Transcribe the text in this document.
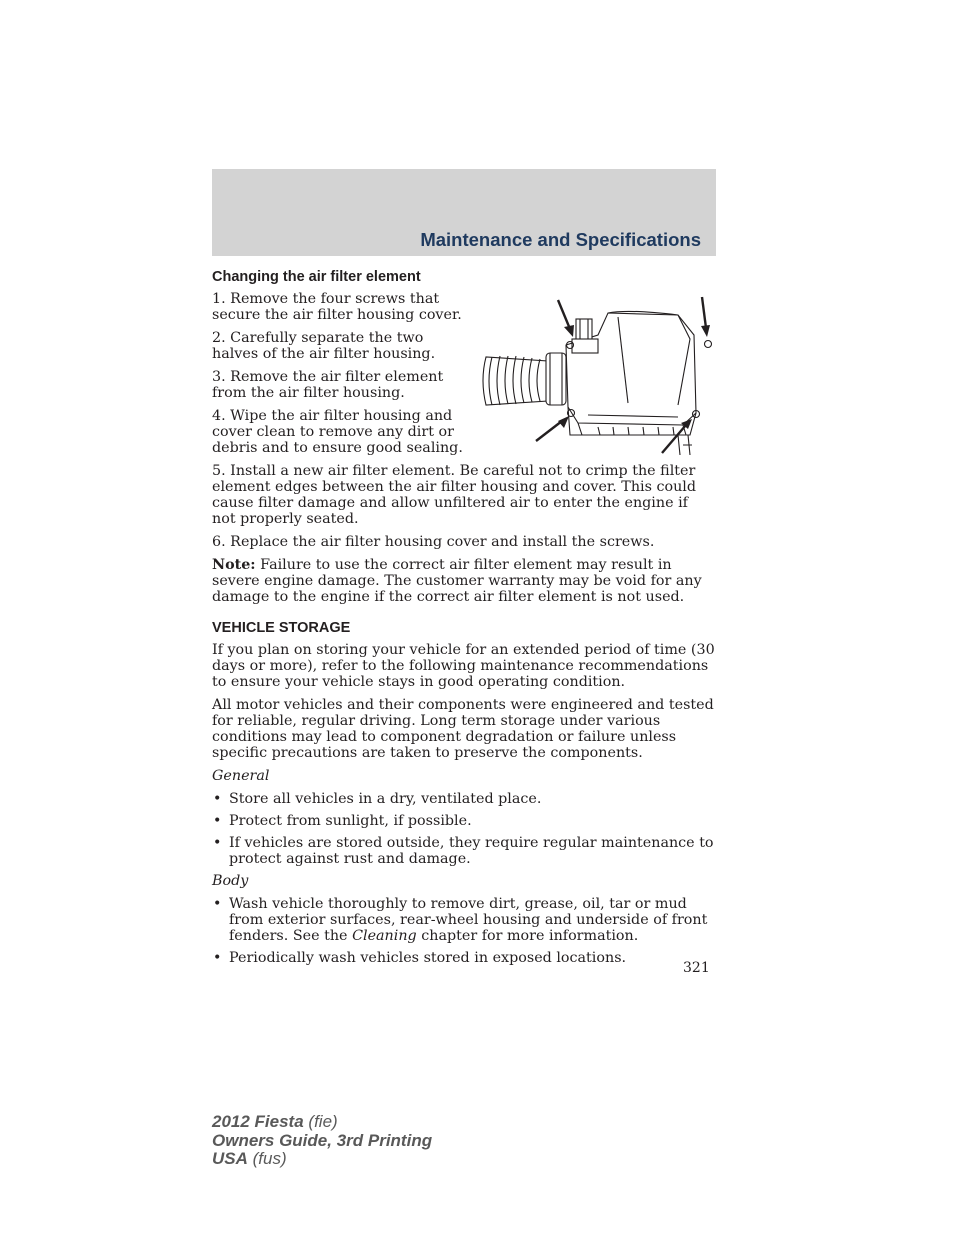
Maintenance and Specifications
Changing the air filter element

1. Remove the four screws that secure the air filter housing cover.

2. Carefully separate the two halves of the air filter housing.

3. Remove the air filter element from the air filter housing.

4. Wipe the air filter housing and cover clean to remove any dirt or debris and to ensure good sealing.

5. Install a new air filter element. Be careful not to crimp the filter element edges between the air filter housing and cover. This could cause filter damage and allow unfiltered air to enter the engine if not properly seated.

6. Replace the air filter housing cover and install the screws.

Note: Failure to use the correct air filter element may result in severe engine damage. The customer warranty may be void for any damage to the engine if the correct air filter element is not used.

VEHICLE STORAGE

If you plan on storing your vehicle for an extended period of time (30 days or more), refer to the following maintenance recommendations to ensure your vehicle stays in good operating condition.

All motor vehicles and their components were engineered and tested for reliable, regular driving. Long term storage under various conditions may lead to component degradation or failure unless specific precautions are taken to preserve the components.

General

• Store all vehicles in a dry, ventilated place.
• Protect from sunlight, if possible.
• If vehicles are stored outside, they require regular maintenance to protect against rust and damage.

Body

• Wash vehicle thoroughly to remove dirt, grease, oil, tar or mud from exterior surfaces, rear-wheel housing and underside of front fenders. See the Cleaning chapter for more information.
• Periodically wash vehicles stored in exposed locations.
321
2012 Fiesta (fie)
Owners Guide, 3rd Printing
USA (fus)
